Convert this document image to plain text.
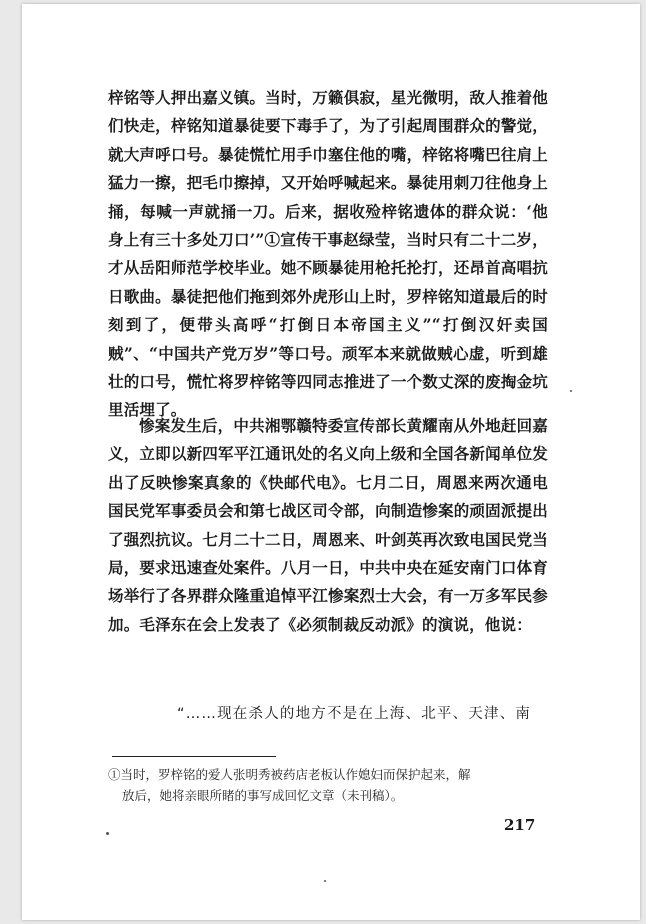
梓铭等人押出嘉义镇。当时，万籁俱寂，星光微明，敌人推着他们快走，梓铭知道暴徒要下毒手了，为了引起周围群众的警觉，就大声呼口号。暴徒慌忙用手巾塞住他的嘴，梓铭将嘴巴往肩上猛力一擦，把毛巾擦掉，又开始呼喊起来。暴徒用刺刀往他身上捅，每喊一声就捅一刀。后来，据收殓梓铭遗体的群众说：‘他身上有三十多处刀口’”①宣传干事赵绿莹，当时只有二十二岁，才从岳阳师范学校毕业。她不顾暴徒用枪托抡打，还昂首高唱抗日歌曲。暴徒把他们拖到郊外虎形山上时，罗梓铭知道最后的时刻到了，便带头高呼“打倒日本帝国主义”“打倒汉奸卖国贼”、“中国共产党万岁”等口号。顽军本来就做贼心虚，听到雄壮的口号，慌忙将罗梓铭等四同志推进了一个数丈深的废掏金坑里活埋了。

惨案发生后，中共湘鄂赣特委宣传部长黄耀南从外地赶回嘉义，立即以新四军平江通讯处的名义向上级和全国各新闻单位发出了反映惨案真象的《快邮代电》。七月二日，周恩来两次通电国民党军事委员会和第七战区司令部，向制造惨案的顽固派提出了强烈抗议。七月二十二日，周恩来、叶剑英再次致电国民党当局，要求迅速查处案件。八月一日，中共中央在延安南门口体育场举行了各界群众隆重追悼平江惨案烈士大会，有一万多军民参加。毛泽东在会上发表了《必须制裁反动派》的演说，他说：

“……现在杀人的地方不是在上海、北平、天津、南

①当时，罗梓铭的爱人张明秀被药店老板认作媳妇而保护起来，解
放后，她将亲眼所睹的事写成回忆文章（未刊稿）。

217
